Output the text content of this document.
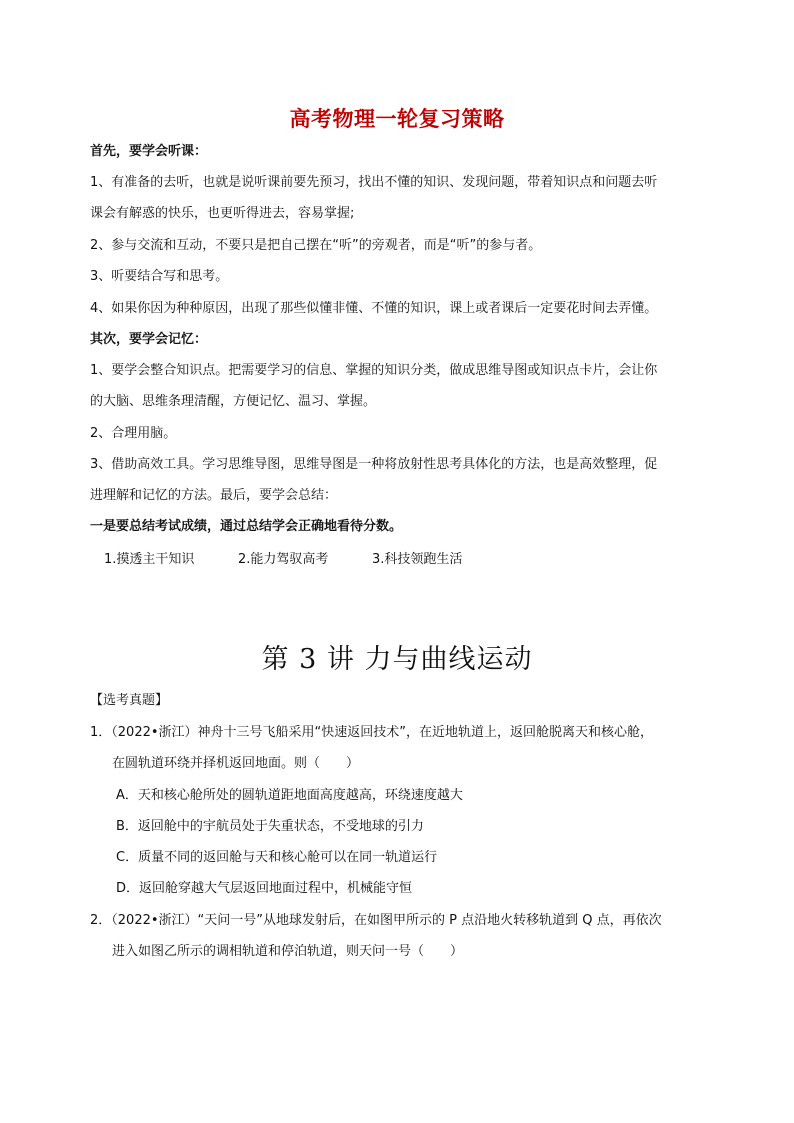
高考物理一轮复习策略
首先，要学会听课：
1、有准备的去听，也就是说听课前要先预习，找出不懂的知识、发现问题，带着知识点和问题去听
课会有解惑的快乐，也更听得进去，容易掌握;
2、参与交流和互动，不要只是把自己摆在“听”的旁观者，而是“听”的参与者。
3、听要结合写和思考。
4、如果你因为种种原因，出现了那些似懂非懂、不懂的知识，课上或者课后一定要花时间去弄懂。
其次，要学会记忆：
1、要学会整合知识点。把需要学习的信息、掌握的知识分类，做成思维导图或知识点卡片，会让你
的大脑、思维条理清醒，方便记忆、温习、掌握。
2、合理用脑。
3、借助高效工具。学习思维导图，思维导图是一种将放射性思考具体化的方法，也是高效整理，促
进理解和记忆的方法。最后，要学会总结：
一是要总结考试成绩，通过总结学会正确地看待分数。
1.摸透主干知识	2.能力驾驭高考	3.科技领跑生活
第 3 讲 力与曲线运动
【选考真题】
1．（2022•浙江）神舟十三号飞船采用“快速返回技术”，在近地轨道上，返回舱脱离天和核心舱，
在圆轨道环绕并择机返回地面。则（　　）
A．天和核心舱所处的圆轨道距地面高度越高，环绕速度越大
B．返回舱中的宇航员处于失重状态，不受地球的引力
C．质量不同的返回舱与天和核心舱可以在同一轨道运行
D．返回舱穿越大气层返回地面过程中，机械能守恒
2．（2022•浙江）“天问一号”从地球发射后，在如图甲所示的 P 点沿地火转移轨道到 Q 点，再依次
进入如图乙所示的调相轨道和停泊轨道，则天问一号（　　）
